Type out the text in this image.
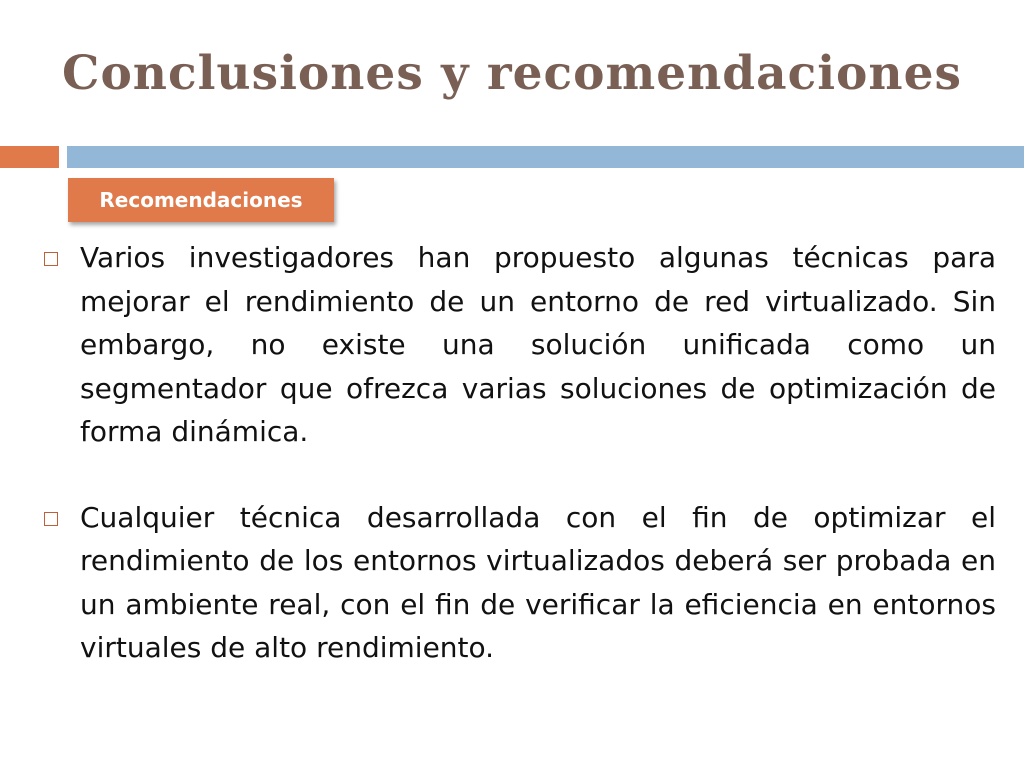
Conclusiones y recomendaciones
Recomendaciones
Varios investigadores han propuesto algunas técnicas para mejorar el rendimiento de un entorno de red virtualizado. Sin embargo, no existe una solución unificada como un segmentador que ofrezca varias soluciones de optimización de forma dinámica.
Cualquier técnica desarrollada con el fin de optimizar el rendimiento de los entornos virtualizados deberá ser probada en un ambiente real, con el fin de verificar la eficiencia en entornos virtuales de alto rendimiento.
